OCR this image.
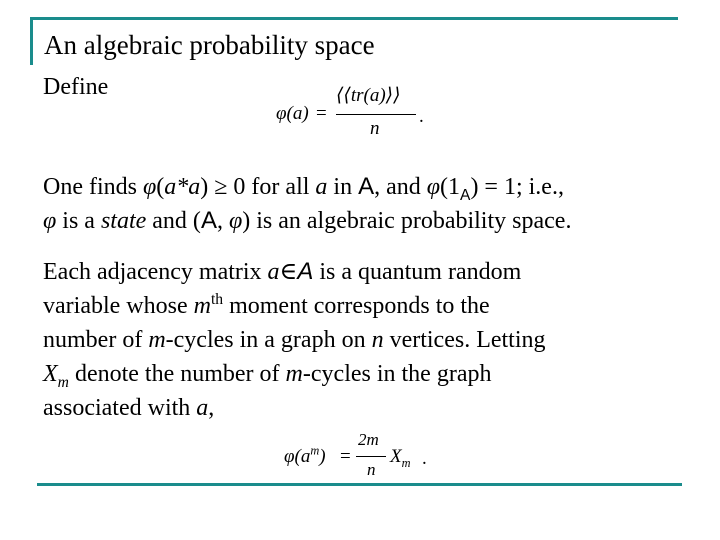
An algebraic probability space
Define
φ(a) =
⟨⟨tr(a)⟩⟩
n
.
One finds φ(a*a) ≥ 0 for all a in A, and $\varphi(1_A) = 1$; i.e.,
φ is a state and (A, φ) is an algebraic probability space.
Each adjacency matrix a∈A is a quantum random
variable whose $m^{th}$ moment corresponds to the
number of m-cycles in a graph on n vertices. Letting
$X_m$ denote the number of m-cycles in the graph
associated with a,
$\varphi(a^m)$ =
2m
n
$X_m$ .
